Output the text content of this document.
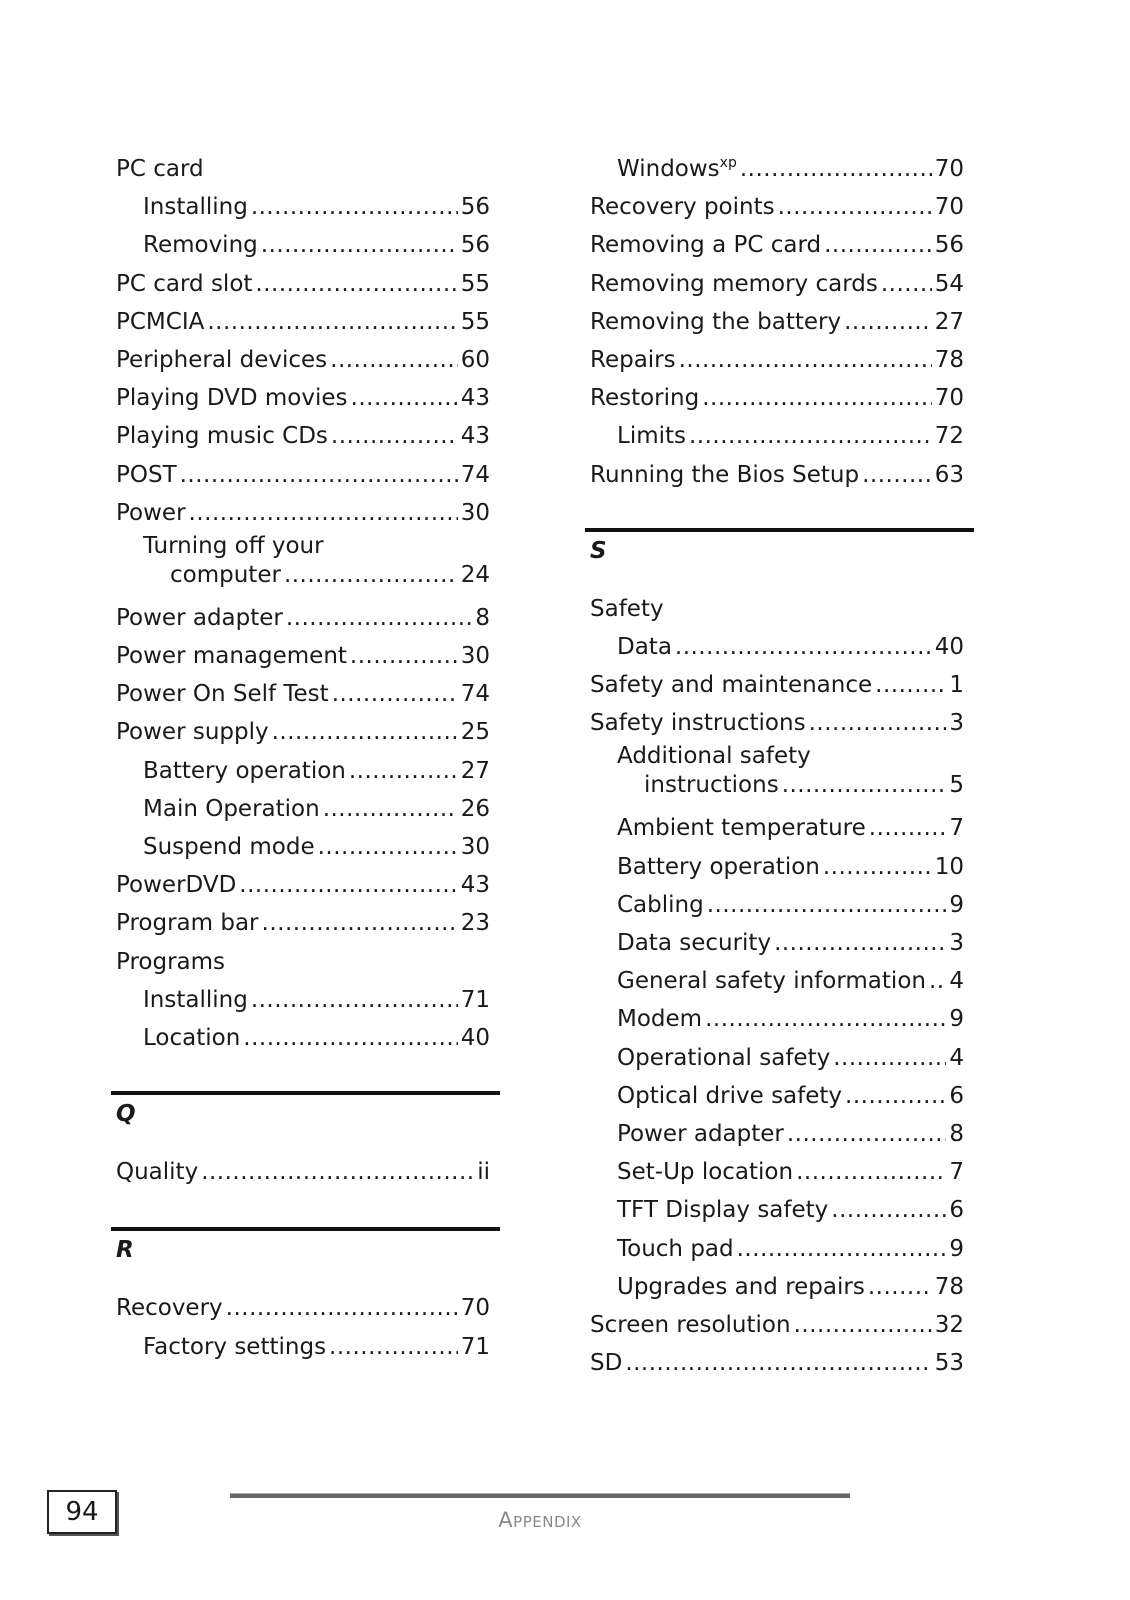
PC card
Installing .....	56
Removing .....	56
PC card slot .....	55
PCMCIA .....	55
Peripheral devices .....	60
Playing DVD movies .....	43
Playing music CDs .....	43
POST .....	74
Power .....	30
Turning off your
computer .....	24
Power adapter .....	8
Power management .....	30
Power On Self Test .....	74
Power supply .....	25
Battery operation .....	27
Main Operation .....	26
Suspend mode .....	30
PowerDVD .....	43
Program bar .....	23
Programs
Installing .....	71
Location .....	40
Q
Quality .....	ii
R
Recovery .....	70
Factory settings .....	71
Windows$^{xp}$ .....	70
Recovery points .....	70
Removing a PC card .....	56
Removing memory cards ..... 54
Removing the battery .....	27
Repairs .....	78
Restoring .....	70
Limits .....	72
Running the Bios Setup .....	63
S
Safety
Data .....	40
Safety and maintenance .....	1
Safety instructions .....	3
Additional safety
instructions .....	5
Ambient temperature .....	7
Battery operation .....	10
Cabling .....	9
Data security .....	3
General safety information ..... 4
Modem .....	9
Operational safety .....	4
Optical drive safety .....	6
Power adapter .....	8
Set-Up location .....	7
TFT Display safety .....	6
Touch pad .....	9
Upgrades and repairs .....	78
Screen resolution .....	32
SD .....	53
94	Appendix
